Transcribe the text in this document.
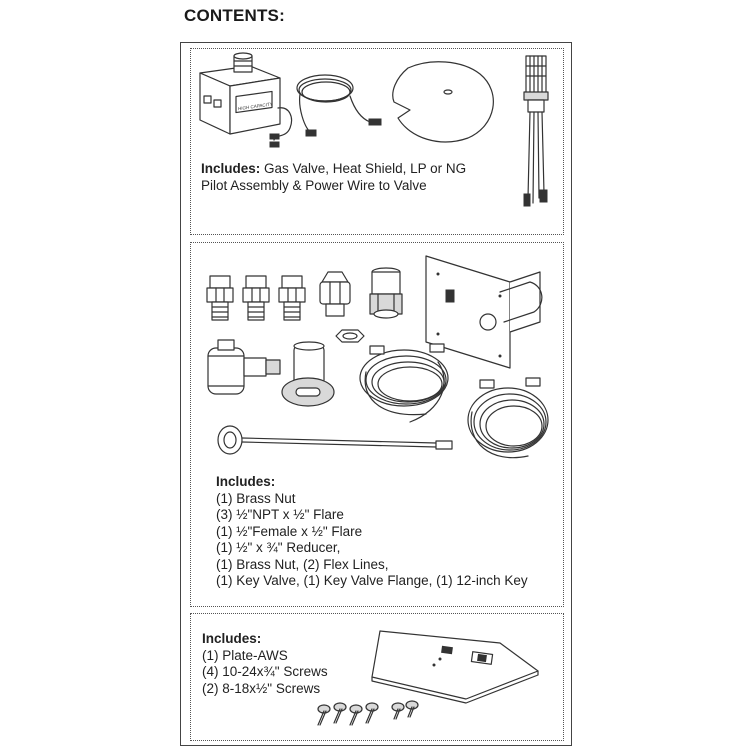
CONTENTS:
HIGH CAPACITY
Includes: Gas Valve, Heat Shield, LP or NG
Pilot Assembly & Power Wire to Valve
Includes:
(1) Brass Nut
(3) ½"NPT x ½" Flare
(1) ½"Female x ½" Flare
(1) ½" x ¾" Reducer,
(1) Brass Nut, (2) Flex Lines,
(1) Key Valve, (1) Key Valve Flange, (1) 12-inch Key
Includes:
(1) Plate-AWS
(4) 10-24x¾" Screws
(2) 8-18x½" Screws
